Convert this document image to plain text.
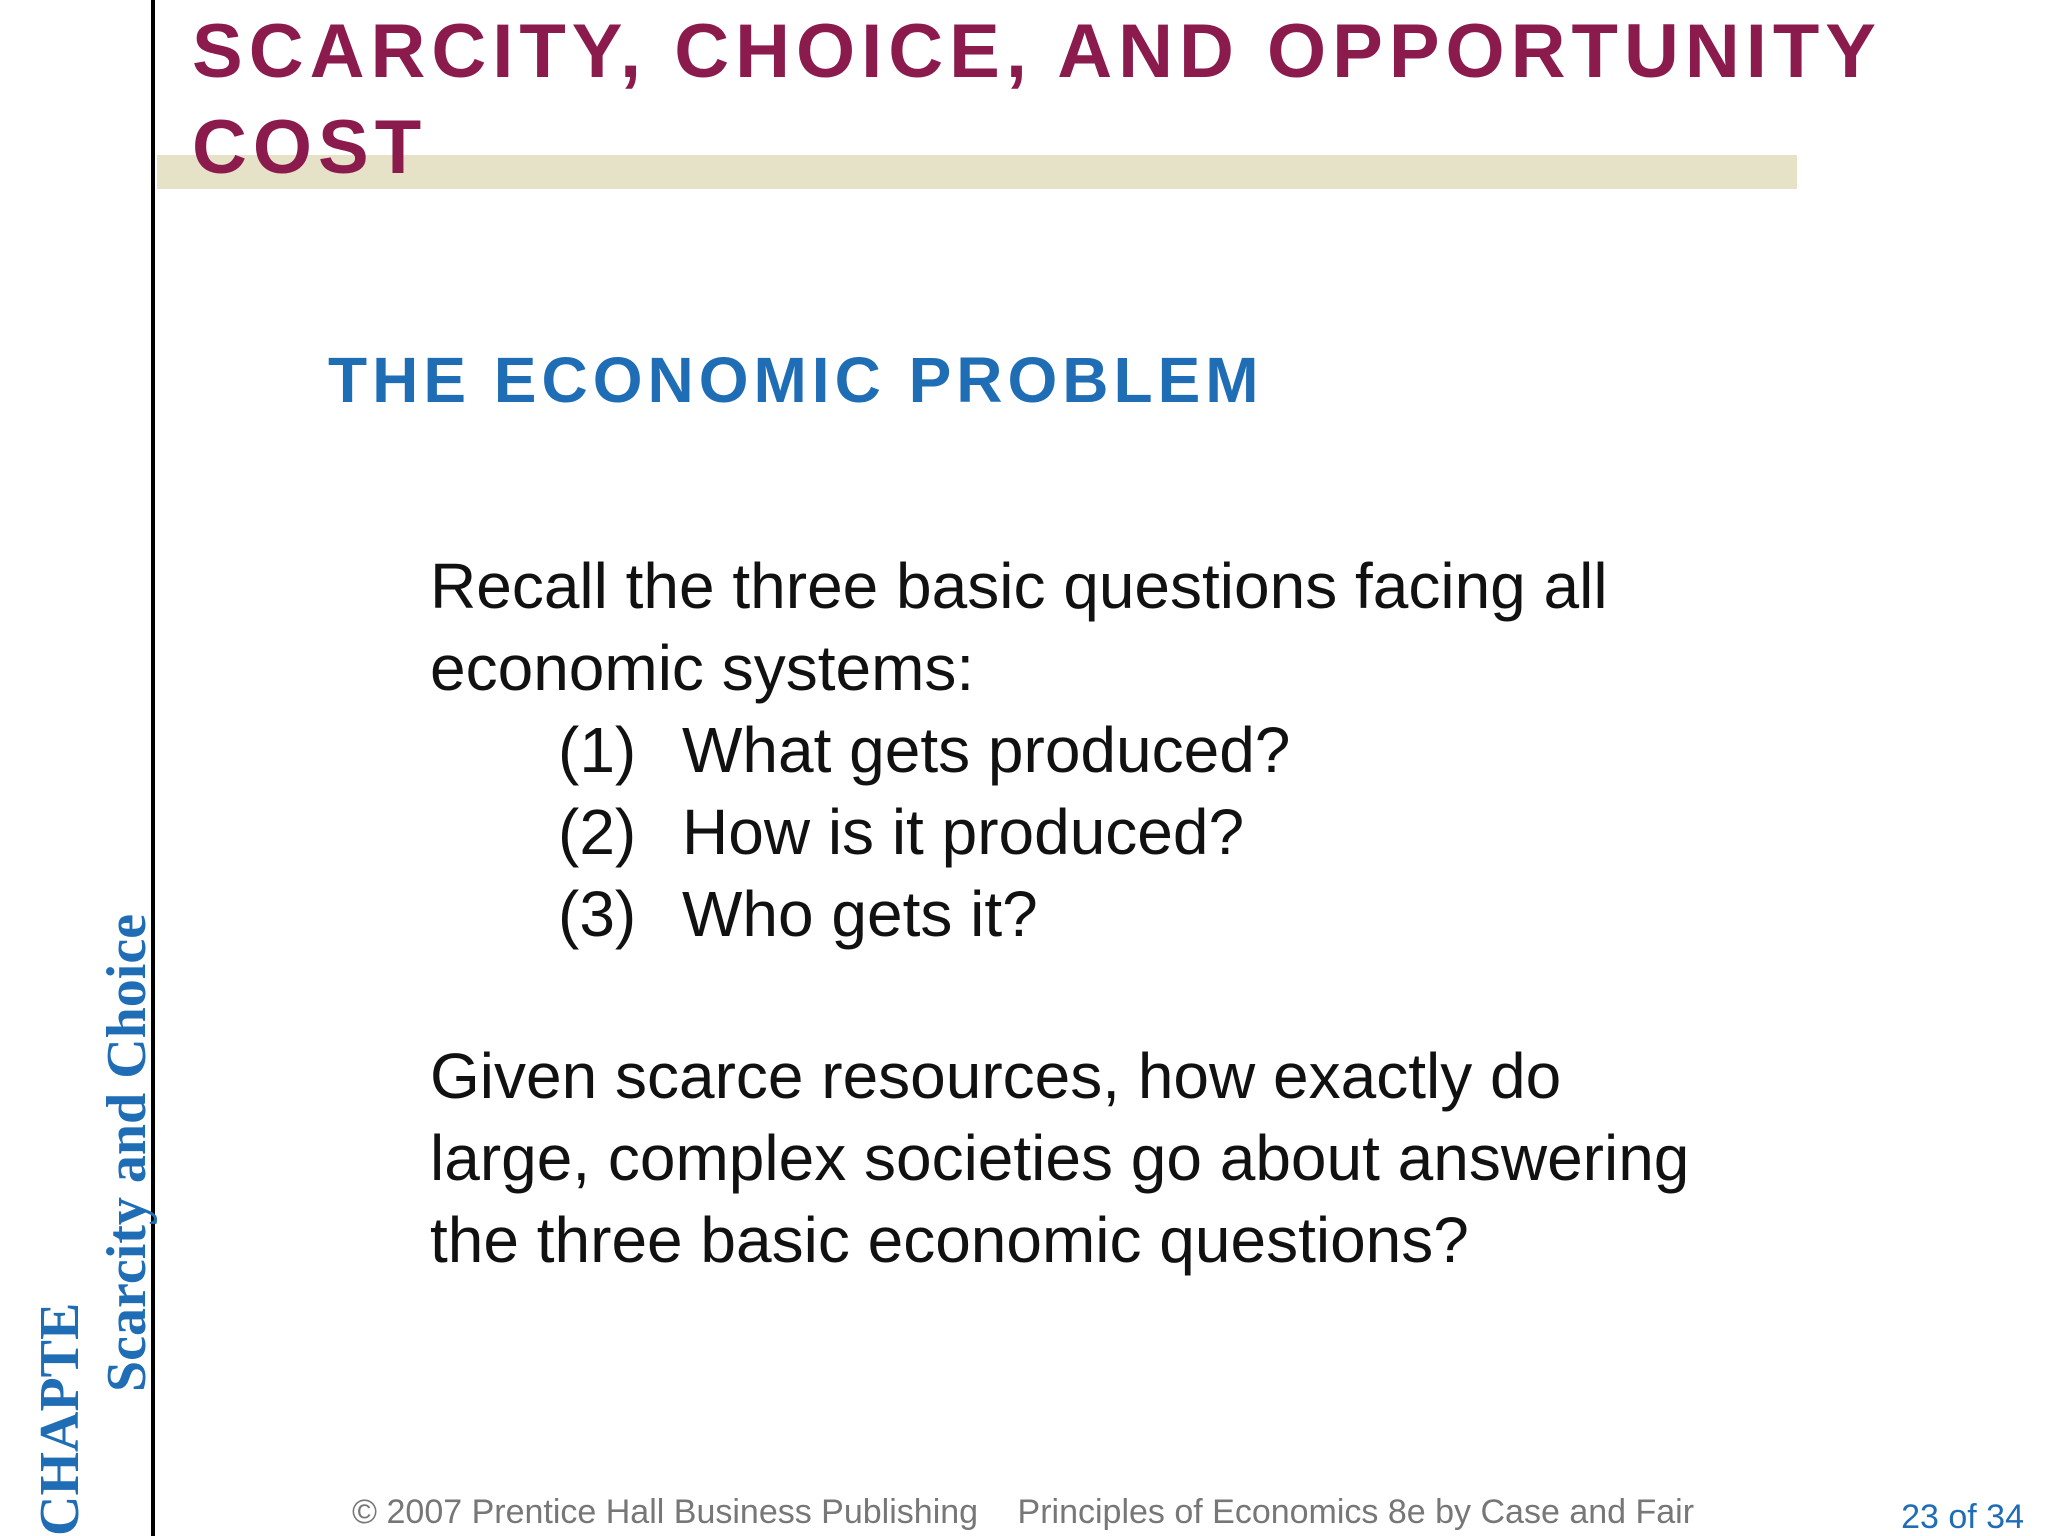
SCARCITY, CHOICE, AND OPPORTUNITY COST
THE ECONOMIC PROBLEM

Recall the three basic questions facing all economic systems:

(1) What gets produced?
(2) How is it produced?
(3) Who gets it?

Given scarce resources, how exactly do large, complex societies go about answering the three basic economic questions?

CHAPTE
Scarcity and Choice
© 2007 Prentice Hall Business Publishing Principles of Economics 8e by Case and Fair	23 of 34
